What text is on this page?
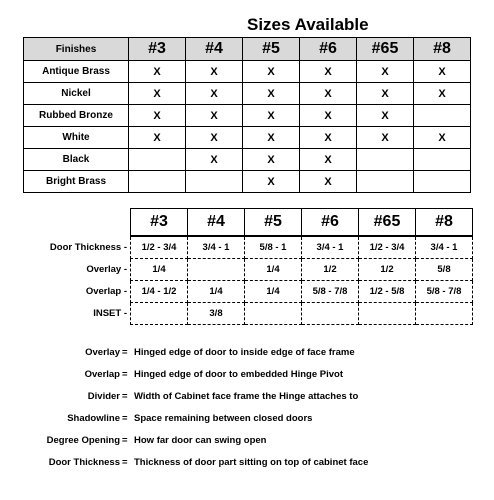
Sizes Available
Finishes	#3	#4	#5	#6	#65	#8
Antique Brass	X	X	X	X	X	X
Nickel	X	X	X	X	X	X
Rubbed Bronze	X	X	X	X	X	
White	X	X	X	X	X	X
Black		X	X	X		
Bright Brass			X	X		
	#3	#4	#5	#6	#65	#8
Door Thickness -	1/2 - 3/4	3/4 - 1	5/8 - 1	3/4 - 1	1/2 - 3/4	3/4 - 1
Overlay -	1/4		1/4	1/2	1/2	5/8
Overlap -	1/4 - 1/2	1/4	1/4	5/8 - 7/8	1/2 - 5/8	5/8 - 7/8
INSET -		3/8				
Overlay = Hinged edge of door to inside edge of face frame
Overlap = Hinged edge of door to embedded Hinge Pivot
Divider = Width of Cabinet face frame the Hinge attaches to
Shadowline = Space remaining between closed doors
Degree Opening = How far door can swing open
Door Thickness = Thickness of door part sitting on top of cabinet face
